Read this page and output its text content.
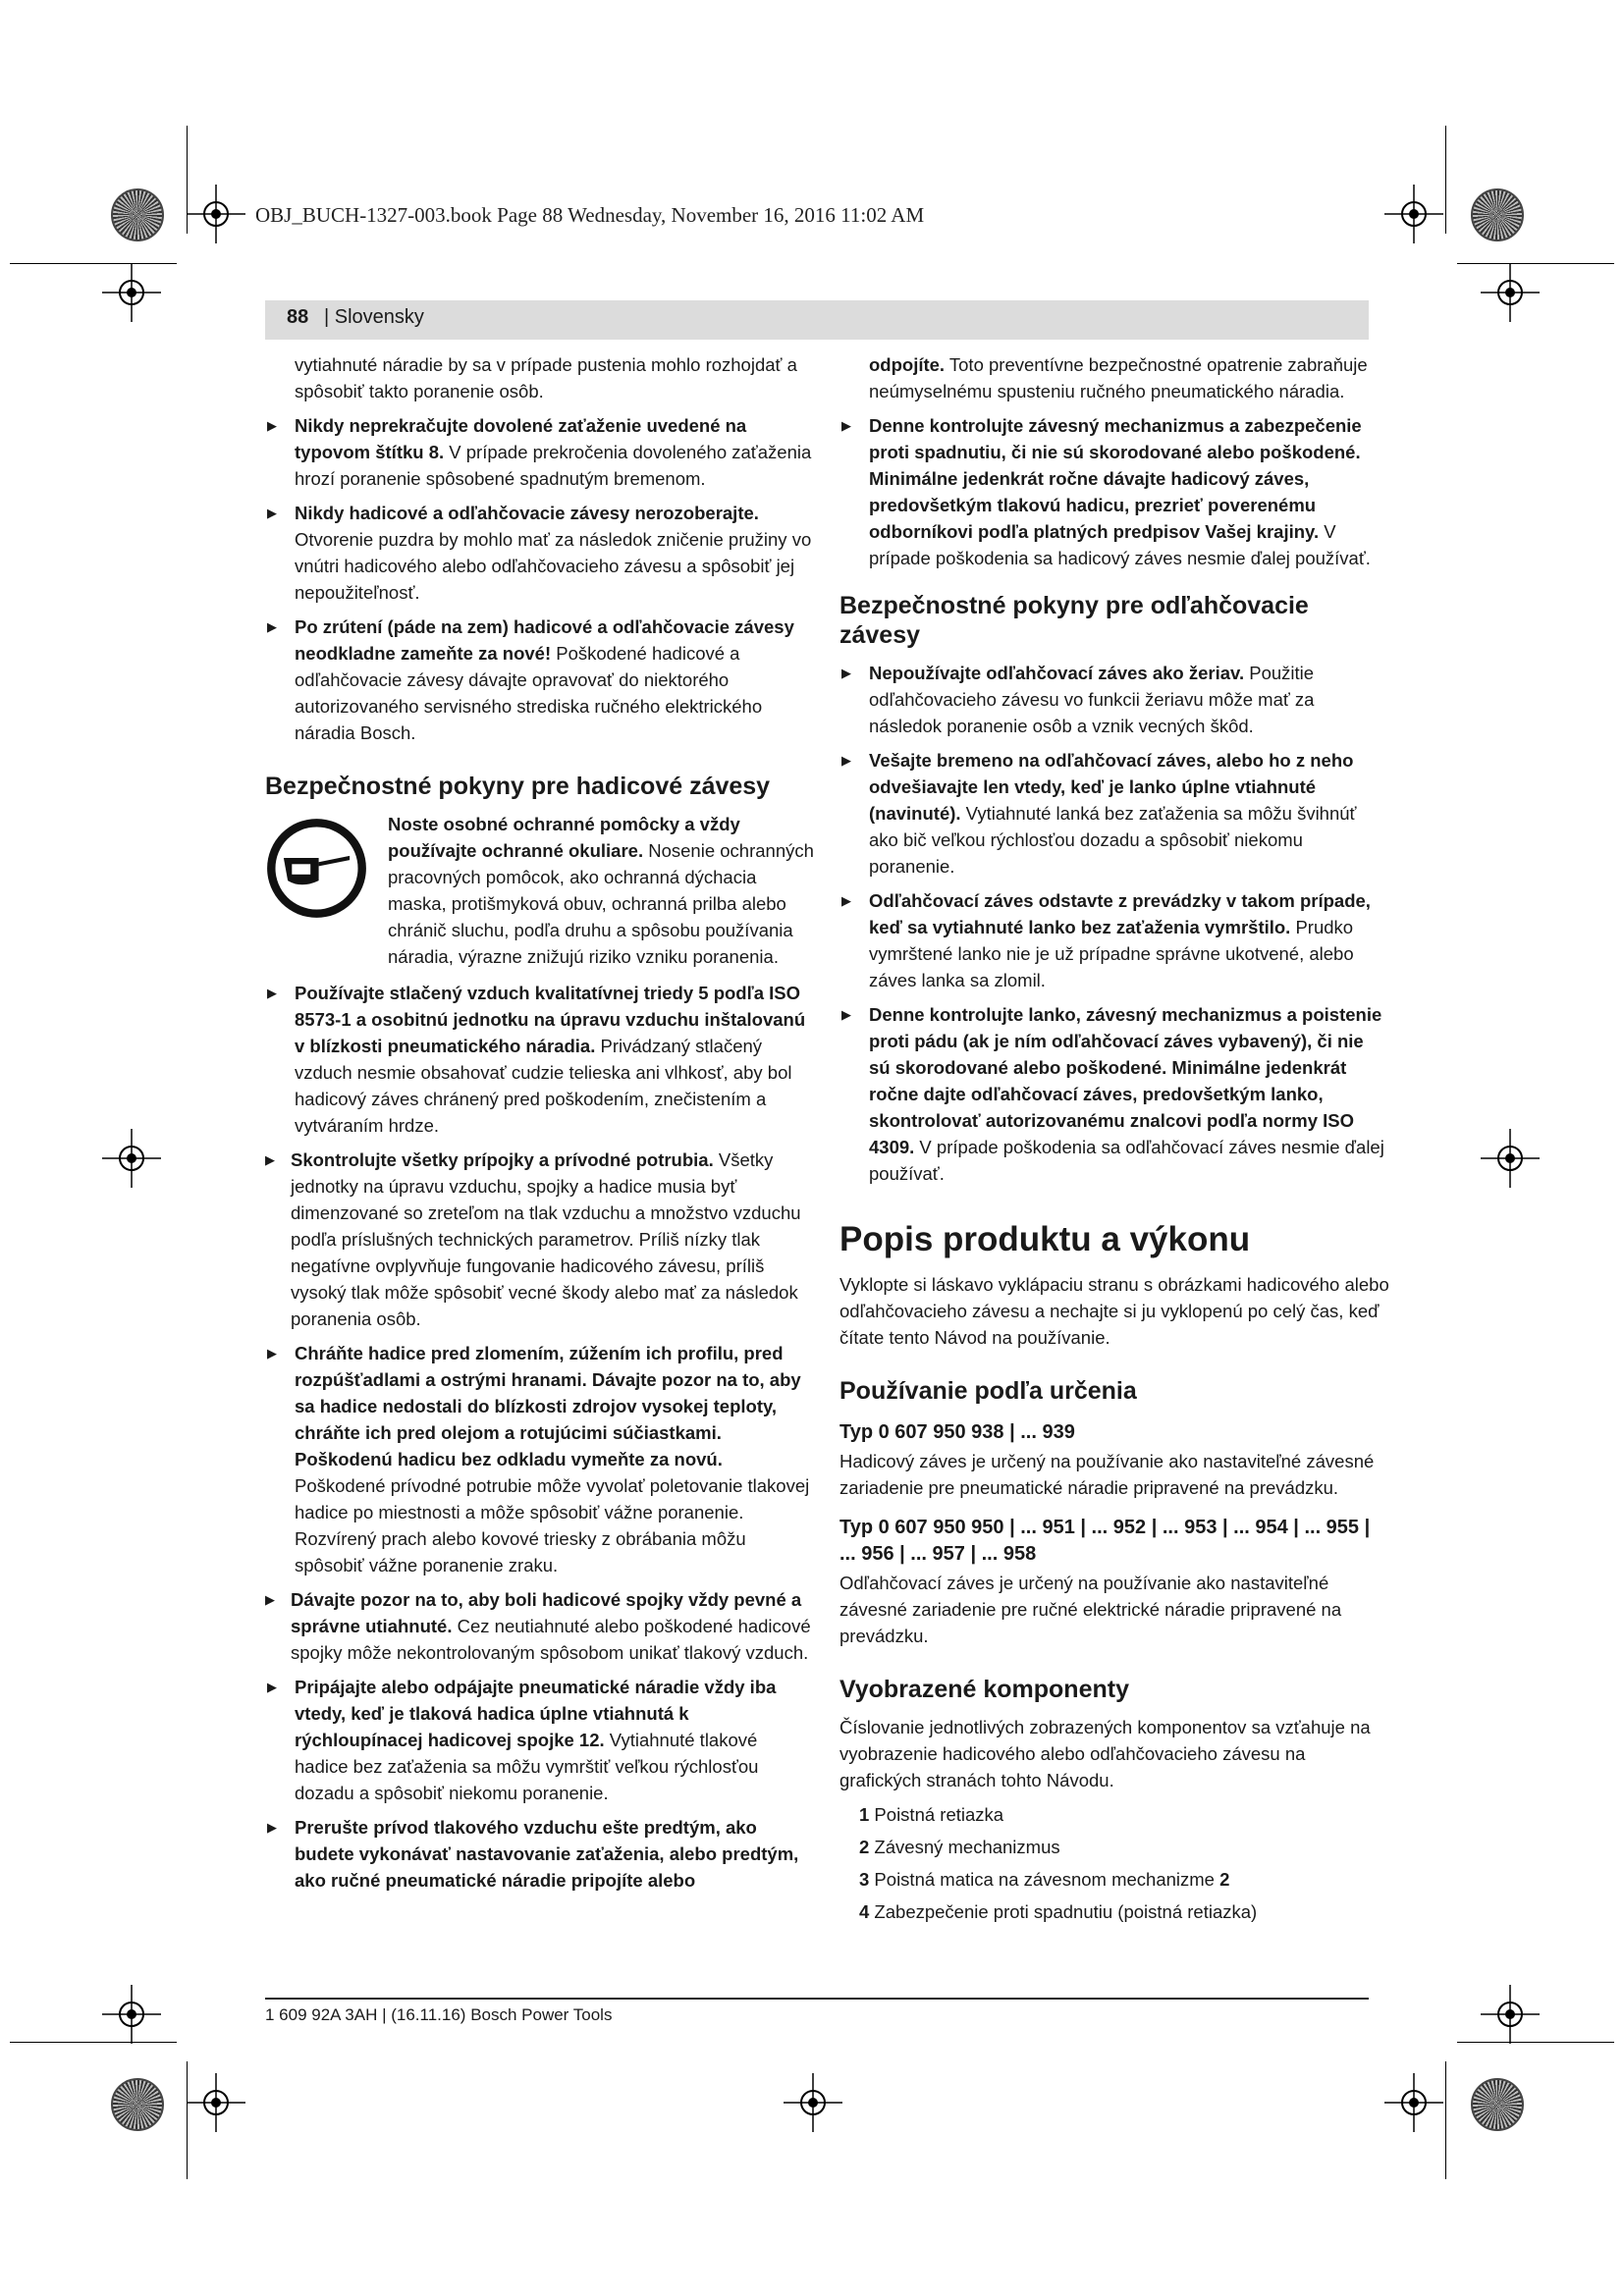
OBJ_BUCH-1327-003.book Page 88 Wednesday, November 16, 2016 11:02 AM
88 | Slovensky

vytiahnuté náradie by sa v prípade pustenia mohlo rozhojdať a spôsobiť takto poranenie osôb.

▶ Nikdy neprekračujte dovolené zaťaženie uvedené na typovom štítku 8. V prípade prekročenia dovoleného zaťaženia hrozí poranenie spôsobené spadnutým bremenom.
▶ Nikdy hadicové a odľahčovacie závesy nerozoberajte. Otvorenie puzdra by mohlo mať za následok zničenie pružiny vo vnútri hadicového alebo odľahčovacieho závesu a spôsobiť jej nepoužiteľnosť.
▶ Po zrútení (páde na zem) hadicové a odľahčovacie závesy neodkladne zameňte za nové! Poškodené hadicové a odľahčovacie závesy dávajte opravovať do niektorého autorizovaného servisného strediska ručného elektrického náradia Bosch.
Bezpečnostné pokyny pre hadicové závesy
Noste osobné ochranné pomôcky a vždy používajte ochranné okuliare. Nosenie ochranných pracovných pomôcok, ako ochranná dýchacia maska, protišmyková obuv, ochranná prilba alebo chránič sluchu, podľa druhu a spôsobu používania náradia, výrazne znižujú riziko vzniku poranenia.
▶ Používajte stlačený vzduch kvalitatívnej triedy 5 podľa ISO 8573-1 a osobitnú jednotku na úpravu vzduchu inštalovanú v blízkosti pneumatického náradia. Privádzaný stlačený vzduch nesmie obsahovať cudzie telieska ani vlhkosť, aby bol hadicový záves chránený pred poškodením, znečistením a vytváraním hrdze.
▶ Skontrolujte všetky prípojky a prívodné potrubia. Všetky jednotky na úpravu vzduchu, spojky a hadice musia byť dimenzované so zreteľom na tlak vzduchu a množstvo vzduchu podľa príslušných technických parametrov. Príliš nízky tlak negatívne ovplyvňuje fungovanie hadicového závesu, príliš vysoký tlak môže spôsobiť vecné škody alebo mať za následok poranenia osôb.
▶ Chráňte hadice pred zlomením, zúžením ich profilu, pred rozpúšťadlami a ostrými hranami. Dávajte pozor na to, aby sa hadice nedostali do blízkosti zdrojov vysokej teploty, chráňte ich pred olejom a rotujúcimi súčiastkami. Poškodenú hadicu bez odkladu vymeňte za novú. Poškodené prívodné potrubie môže vyvolať poletovanie tlakovej hadice po miestnosti a môže spôsobiť vážne poranenie. Rozvírený prach alebo kovové triesky z obrábania môžu spôsobiť vážne poranenie zraku.
▶ Dávajte pozor na to, aby boli hadicové spojky vždy pevné a správne utiahnuté. Cez neutiahnuté alebo poškodené hadicové spojky môže nekontrolovaným spôsobom unikať tlakový vzduch.
▶ Pripájajte alebo odpájajte pneumatické náradie vždy iba vtedy, keď je tlaková hadica úplne vtiahnutá k rýchloupínacej hadicovej spojke 12. Vytiahnuté tlakové hadice bez zaťaženia sa môžu vymrštiť veľkou rýchlosťou dozadu a spôsobiť niekomu poranenie.
▶ Prerušte prívod tlakového vzduchu ešte predtým, ako budete vykonávať nastavovanie zaťaženia, alebo predtým, ako ručné pneumatické náradie pripojíte alebo

odpojíte. Toto preventívne bezpečnostné opatrenie zabraňuje neúmyselnému spusteniu ručného pneumatického náradia.

▶ Denne kontrolujte závesný mechanizmus a zabezpečenie proti spadnutiu, či nie sú skorodované alebo poškodené. Minimálne jedenkrát ročne dávajte hadicový záves, predovšetkým tlakovú hadicu, prezrieť poverenému odborníkovi podľa platných predpisov Vašej krajiny. V prípade poškodenia sa hadicový záves nesmie ďalej používať.
Bezpečnostné pokyny pre odľahčovacie závesy
▶ Nepoužívajte odľahčovací záves ako žeriav. Použitie odľahčovacieho závesu vo funkcii žeriavu môže mať za následok poranenie osôb a vznik vecných škôd.
▶ Vešajte bremeno na odľahčovací záves, alebo ho z neho odvešiavajte len vtedy, keď je lanko úplne vtiahnuté (navinuté). Vytiahnuté lanká bez zaťaženia sa môžu švihnúť ako bič veľkou rýchlosťou dozadu a spôsobiť niekomu poranenie.
▶ Odľahčovací záves odstavte z prevádzky v takom prípade, keď sa vytiahnuté lanko bez zaťaženia vymrštilo. Prudko vymrštené lanko nie je už prípadne správne ukotvené, alebo záves lanka sa zlomil.
▶ Denne kontrolujte lanko, závesný mechanizmus a poistenie proti pádu (ak je ním odľahčovací záves vybavený), či nie sú skorodované alebo poškodené. Minimálne jedenkrát ročne dajte odľahčovací záves, predovšetkým lanko, skontrolovať autorizovanému znalcovi podľa normy ISO 4309. V prípade poškodenia sa odľahčovací záves nesmie ďalej používať.
Popis produktu a výkonu

Vyklopte si láskavo vyklápaciu stranu s obrázkami hadicového alebo odľahčovacieho závesu a nechajte si ju vyklopenú po celý čas, keď čítate tento Návod na používanie.

Používanie podľa určenia
Typ 0 607 950 938 | ... 939

Hadicový záves je určený na používanie ako nastaviteľné závesné zariadenie pre pneumatické náradie pripravené na prevádzku.

Typ 0 607 950 950 | ... 951 | ... 952 | ... 953 | ... 954 | ... 955 | ... 956 | ... 957 | ... 958

Odľahčovací záves je určený na používanie ako nastaviteľné závesné zariadenie pre ručné elektrické náradie pripravené na prevádzku.

Vyobrazené komponenty

Číslovanie jednotlivých zobrazených komponentov sa vzťahuje na vyobrazenie hadicového alebo odľahčovacieho závesu na grafických stranách tohto Návodu.

1 Poistná retiazka
2 Závesný mechanizmus
3 Poistná matica na závesnom mechanizme 2
4 Zabezpečenie proti spadnutiu (poistná retiazka)
1 609 92A 3AH | (16.11.16) Bosch Power Tools
